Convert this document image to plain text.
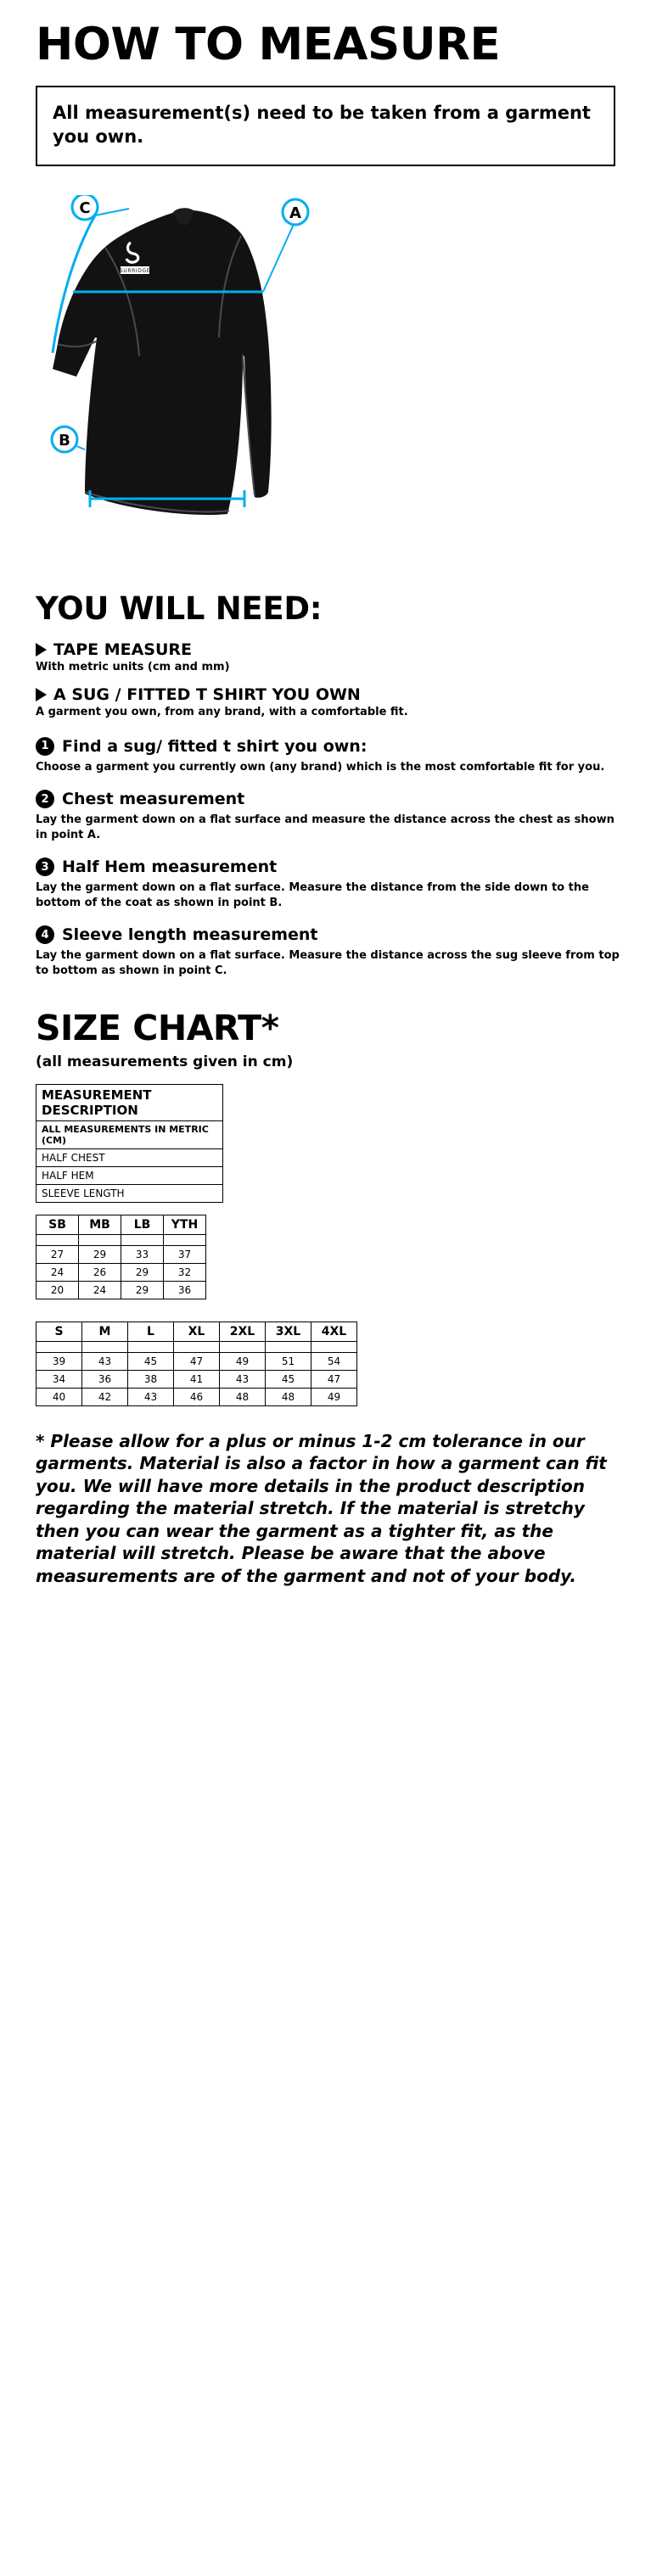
HOW TO MEASURE
All measurement(s) need to be taken from a garment you own.
SURRIDGE
A
C
B
YOU WILL NEED:
TAPE MEASURE
With metric units (cm and mm)
A SUG / FITTED T SHIRT YOU OWN
A garment you own, from any brand, with a comfortable fit.
1 Find a sug/ fitted t shirt you own:
Choose a garment you currently own (any brand) which is the most comfortable fit for you.
2 Chest measurement
Lay the garment down on a flat surface and measure the distance across the chest as shown in point A.
3 Half Hem measurement
Lay the garment down on a flat surface. Measure the distance from the side down to the bottom of the coat as shown in point B.
4 Sleeve length measurement
Lay the garment down on a flat surface. Measure the distance across the sug sleeve from top to bottom as shown in point C.
SIZE CHART*
(all measurements given in cm)
MEASUREMENT DESCRIPTION
ALL MEASUREMENTS IN METRIC (CM)
HALF CHEST
HALF HEM
SLEEVE LENGTH
SB	MB	LB	YTH

27	29	33	37
24	26	29	32
20	24	29	36
S	M	L	XL	2XL	3XL	4XL

39	43	45	47	49	51	54
34	36	38	41	43	45	47
40	42	43	46	48	48	49
* Please allow for a plus or minus 1-2 cm tolerance in our garments. Material is also a factor in how a garment can fit you. We will have more details in the product description regarding the material stretch. If the material is stretchy then you can wear the garment as a tighter fit, as the material will stretch. Please be aware that the above measurements are of the garment and not of your body.
